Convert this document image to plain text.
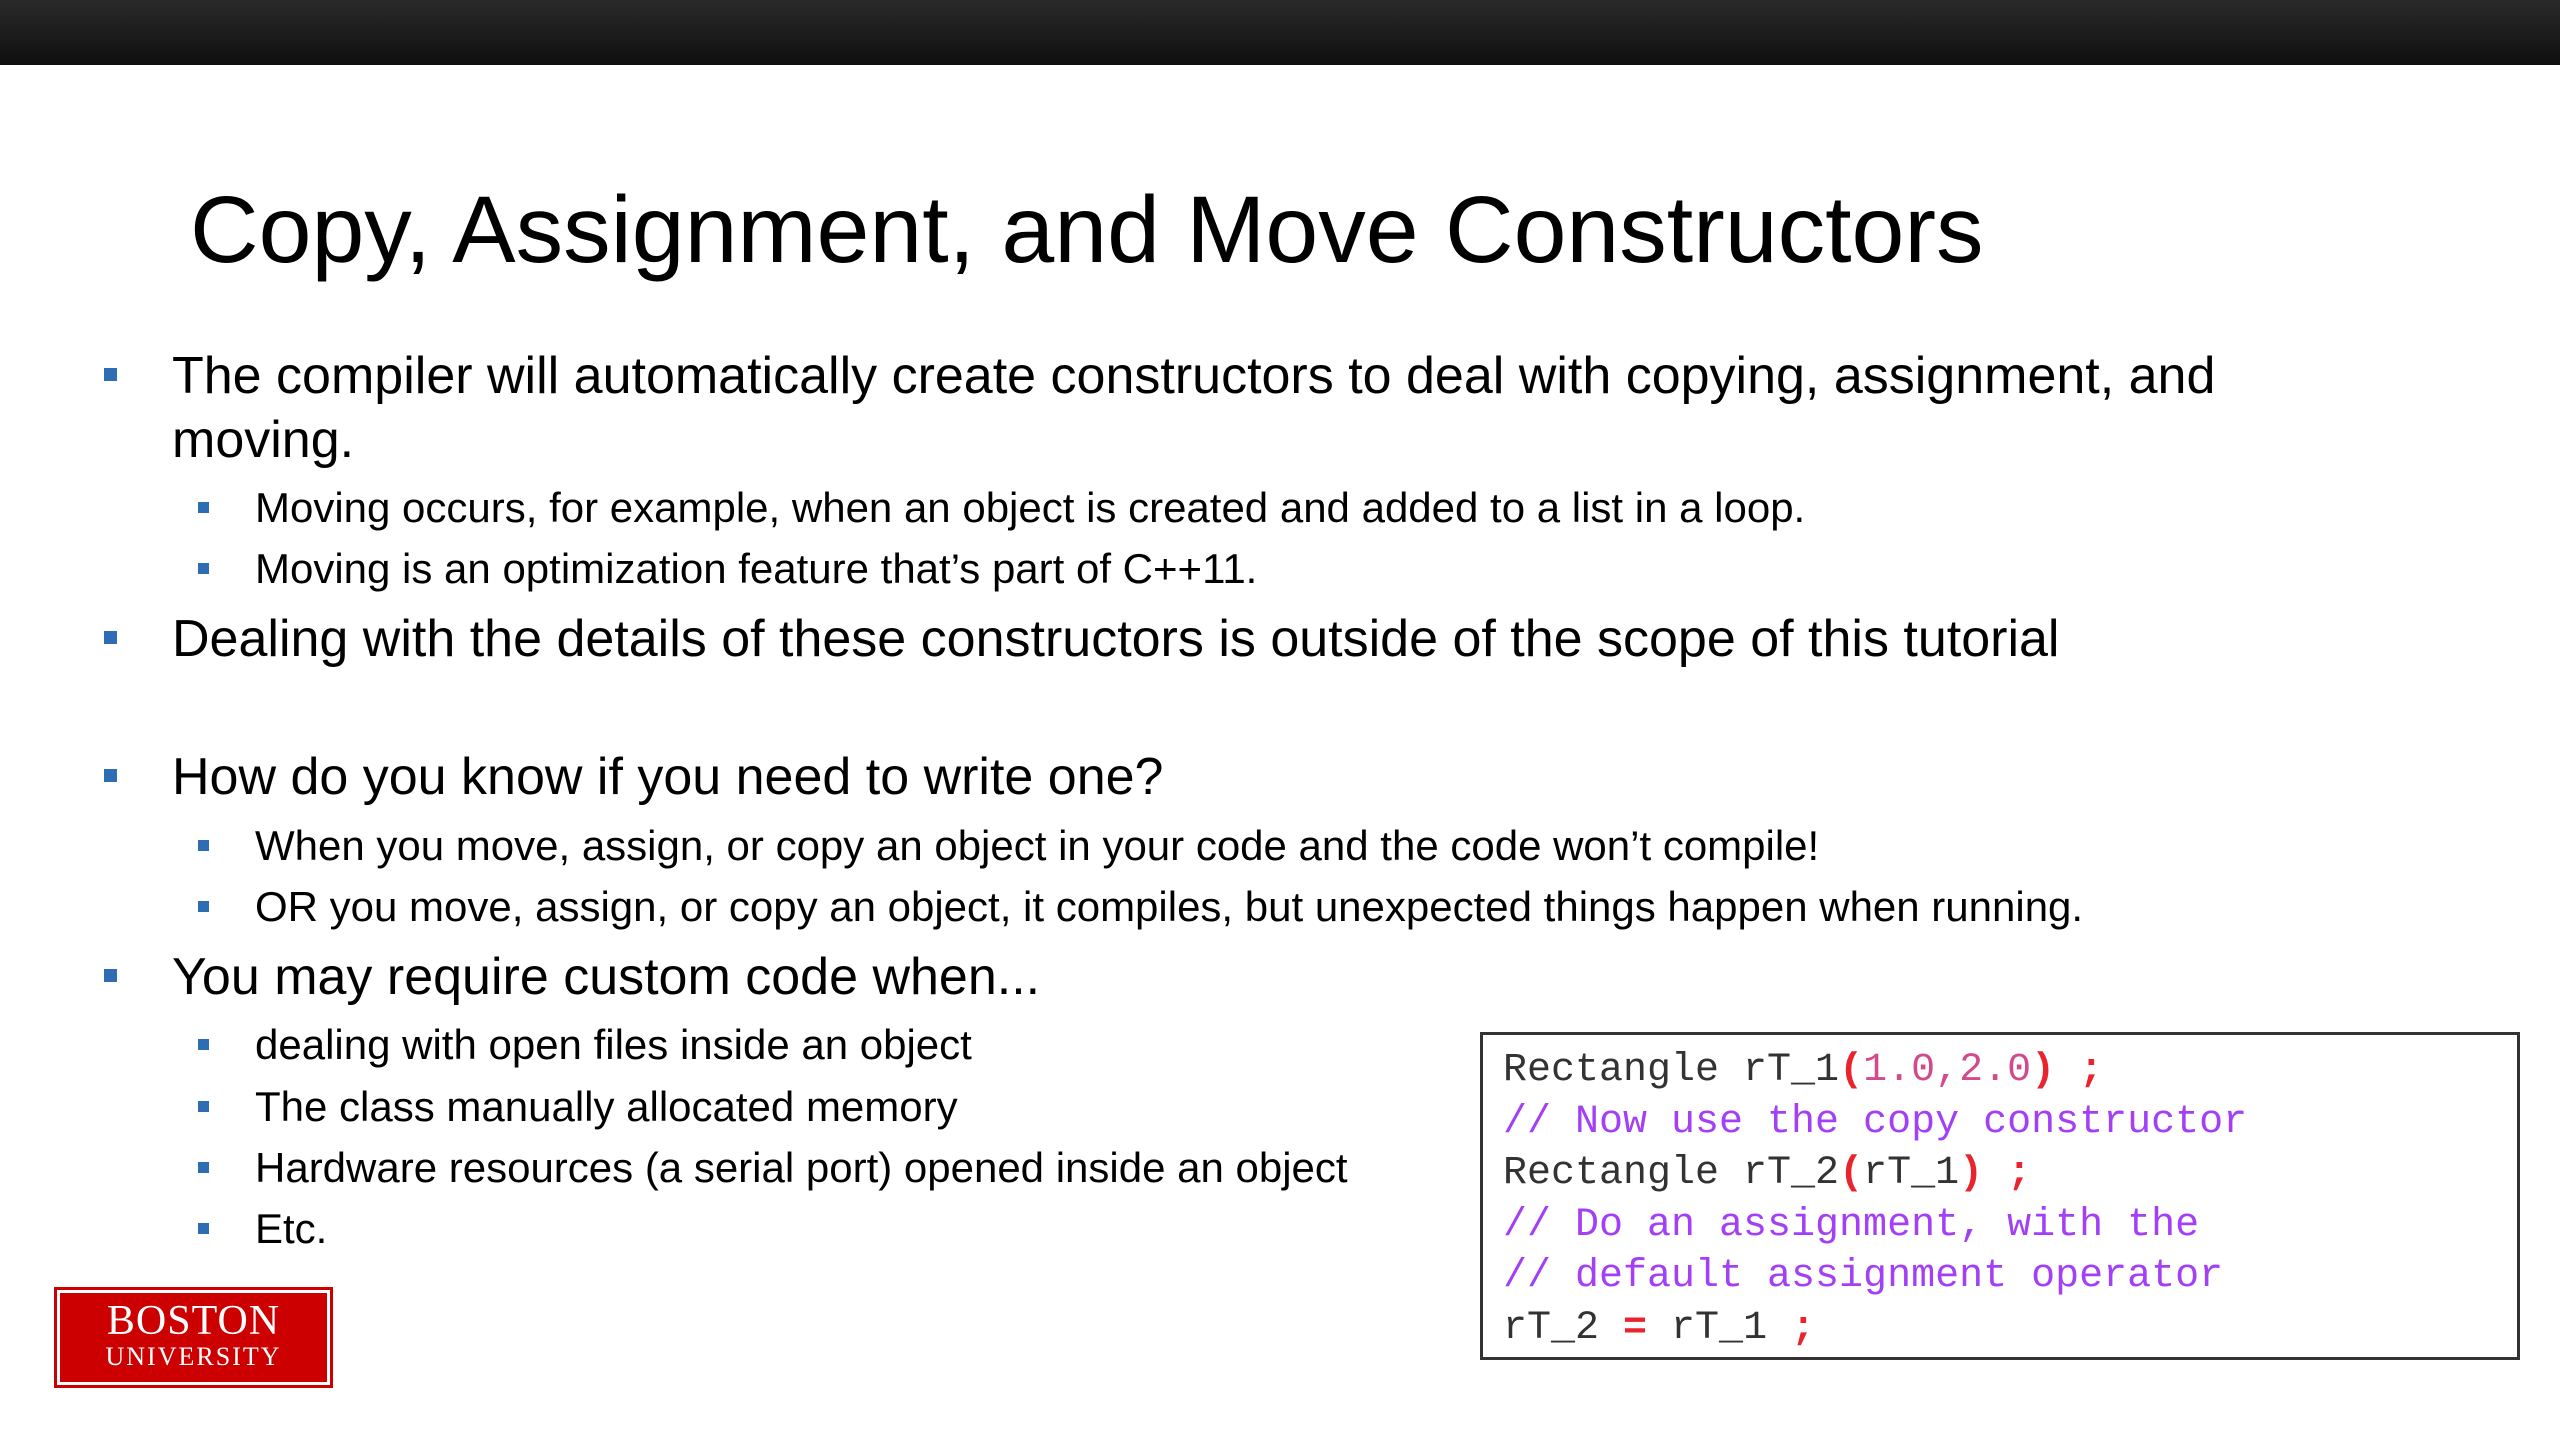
Copy, Assignment, and Move Constructors
The compiler will automatically create constructors to deal with copying, assignment, and
moving.
Moving occurs, for example, when an object is created and added to a list in a loop.
Moving is an optimization feature that’s part of C++11.
Dealing with the details of these constructors is outside of the scope of this tutorial
How do you know if you need to write one?
When you move, assign, or copy an object in your code and the code won’t compile!
OR you move, assign, or copy an object, it compiles, but unexpected things happen when running.
You may require custom code when...
dealing with open files inside an object
The class manually allocated memory
Hardware resources (a serial port) opened inside an object
Etc.
Rectangle rT_1(1.0,2.0) ;
// Now use the copy constructor
Rectangle rT_2(rT_1) ;
// Do an assignment, with the
// default assignment operator
rT_2 = rT_1 ;
BOSTON
UNIVERSITY
